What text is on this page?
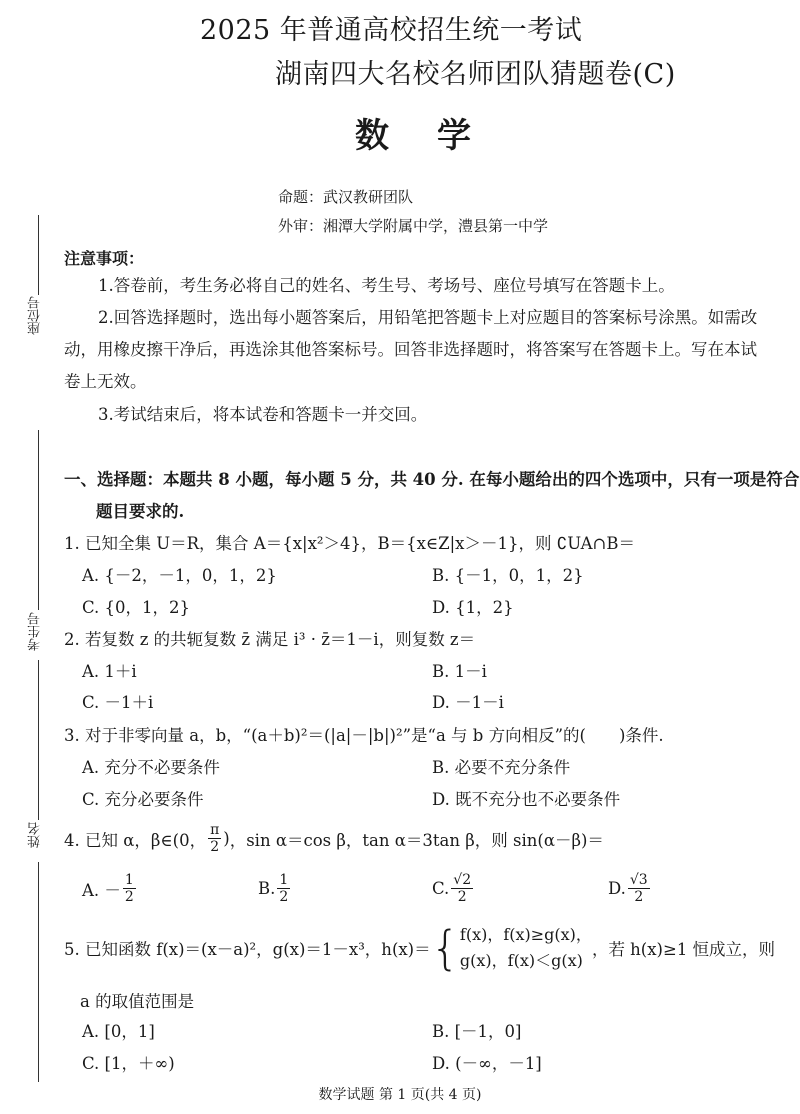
2025 年普通高校招生统一考试
湖南四大名校名师团队猜题卷(C)
数学
命题：武汉教研团队
外审：湘潭大学附属中学，澧县第一中学
座位号
考生号
姓名
注意事项：
1.答卷前，考生务必将自己的姓名、考生号、考场号、座位号填写在答题卡上。
2.回答选择题时，选出每小题答案后，用铅笔把答题卡上对应题目的答案标号涂黑。如需改
动，用橡皮擦干净后，再选涂其他答案标号。回答非选择题时，将答案写在答题卡上。写在本试
卷上无效。
3.考试结束后，将本试卷和答题卡一并交回。
一、选择题：本题共 8 小题，每小题 5 分，共 40 分. 在每小题给出的四个选项中，只有一项是符合
题目要求的.
1. 已知全集 U＝R，集合 A＝{x|x²＞4}，B＝{x∈Z|x＞－1}，则 ∁UA∩B＝
A. {－2，－1，0，1，2}	B. {－1，0，1，2}
C. {0，1，2}	D. {1，2}
2. 若复数 z 的共轭复数 z̄ 满足 i³ · z̄＝1－i，则复数 z＝
A. 1＋i	B. 1－i
C. －1＋i	D. －1－i
3. 对于非零向量 a，b，“(a＋b)²＝(|a|－|b|)²”是“a 与 b 方向相反”的(　　)条件.
A. 充分不必要条件	B. 必要不充分条件
C. 充分必要条件	D. 既不充分也不必要条件
4. 已知 α，β∈ (0， $\frac{\pi}{2}$ ) ，sin α＝cos β，tan α＝3tan β，则 sin(α－β)＝
A. － $\frac{1}{2}$	B. $\frac{1}{2}$	C. $\frac{√2}{2}$	D. $\frac{√3}{2}$
5. 已知函数 f(x)＝(x－a)²，g(x)＝1－x³，h(x)＝ { f(x)，f(x)≥g(x)，
g(x)，f(x)＜g(x)
，若 h(x)≥1 恒成立，则
a 的取值范围是
A. [0，1]	B. [－1，0]
C. [1，＋∞)	D. (－∞，－1]
数学试题 第 1 页(共 4 页)
